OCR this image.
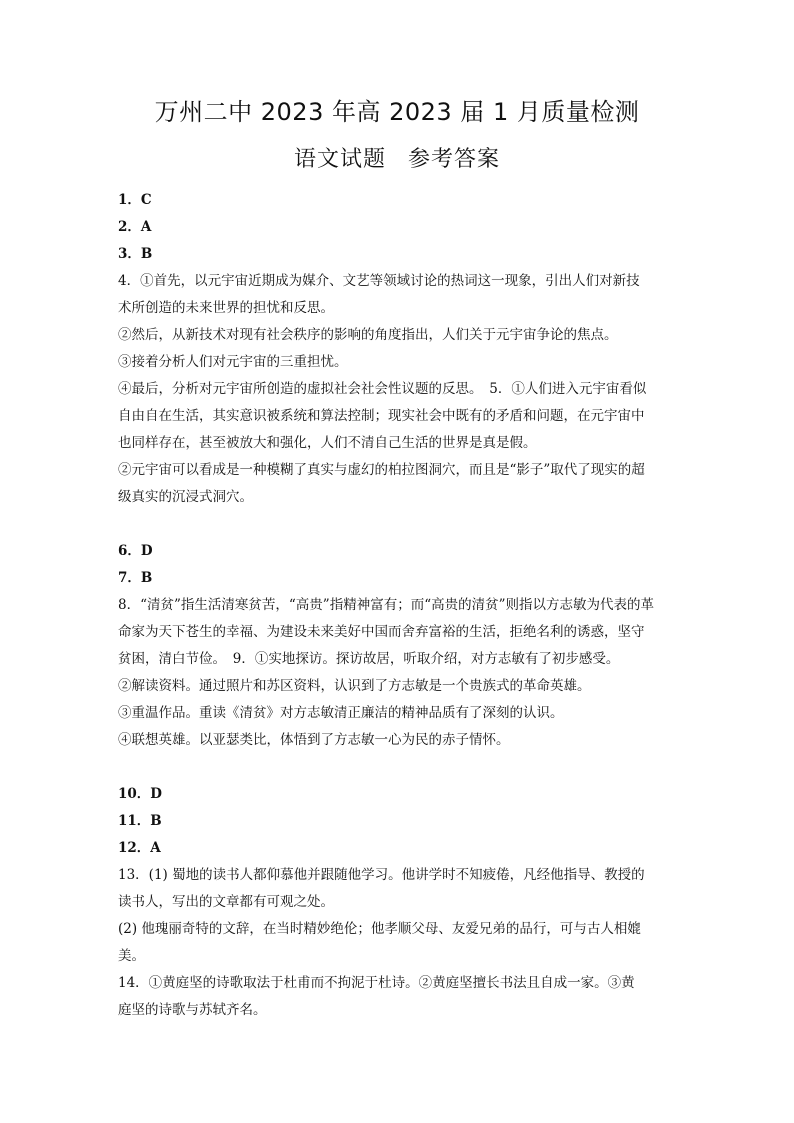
万州二中 2023 年高 2023 届 1 月质量检测
语文试题 参考答案

1．C

2．A

3．B

4．①首先，以元宇宙近期成为媒介、文艺等领域讨论的热词这一现象，引出人们对新技

术所创造的未来世界的担忧和反思。

②然后，从新技术对现有社会秩序的影响的角度指出，人们关于元宇宙争论的焦点。

③接着分析人们对元宇宙的三重担忧。

④最后，分析对元宇宙所创造的虚拟社会社会性议题的反思。　5．①人们进入元宇宙看似

自由自在生活，其实意识被系统和算法控制；现实社会中既有的矛盾和问题，在元宇宙中

也同样存在，甚至被放大和强化，人们不清自己生活的世界是真是假。

②元宇宙可以看成是一种模糊了真实与虚幻的柏拉图洞穴，而且是“影子”取代了现实的超

级真实的沉浸式洞穴。

6．D

7．B

8．“清贫”指生活清寒贫苦，“高贵”指精神富有；而“高贵的清贫”则指以方志敏为代表的革

命家为天下苍生的幸福、为建设未来美好中国而舍弃富裕的生活，拒绝名利的诱惑，坚守

贫困，清白节俭。　9．①实地探访。探访故居，听取介绍，对方志敏有了初步感受。

②解读资料。通过照片和苏区资料，认识到了方志敏是一个贵族式的革命英雄。

③重温作品。重读《清贫》对方志敏清正廉洁的精神品质有了深刻的认识。

④联想英雄。以亚瑟类比，体悟到了方志敏一心为民的赤子情怀。

10．D

11．B

12．A

13．(1) 蜀地的读书人都仰慕他并跟随他学习。他讲学时不知疲倦，凡经他指导、教授的

读书人，写出的文章都有可观之处。

(2) 他瑰丽奇特的文辞，在当时精妙绝伦；他孝顺父母、友爱兄弟的品行，可与古人相媲

美。

14．①黄庭坚的诗歌取法于杜甫而不拘泥于杜诗。②黄庭坚擅长书法且自成一家。③黄

庭坚的诗歌与苏轼齐名。
